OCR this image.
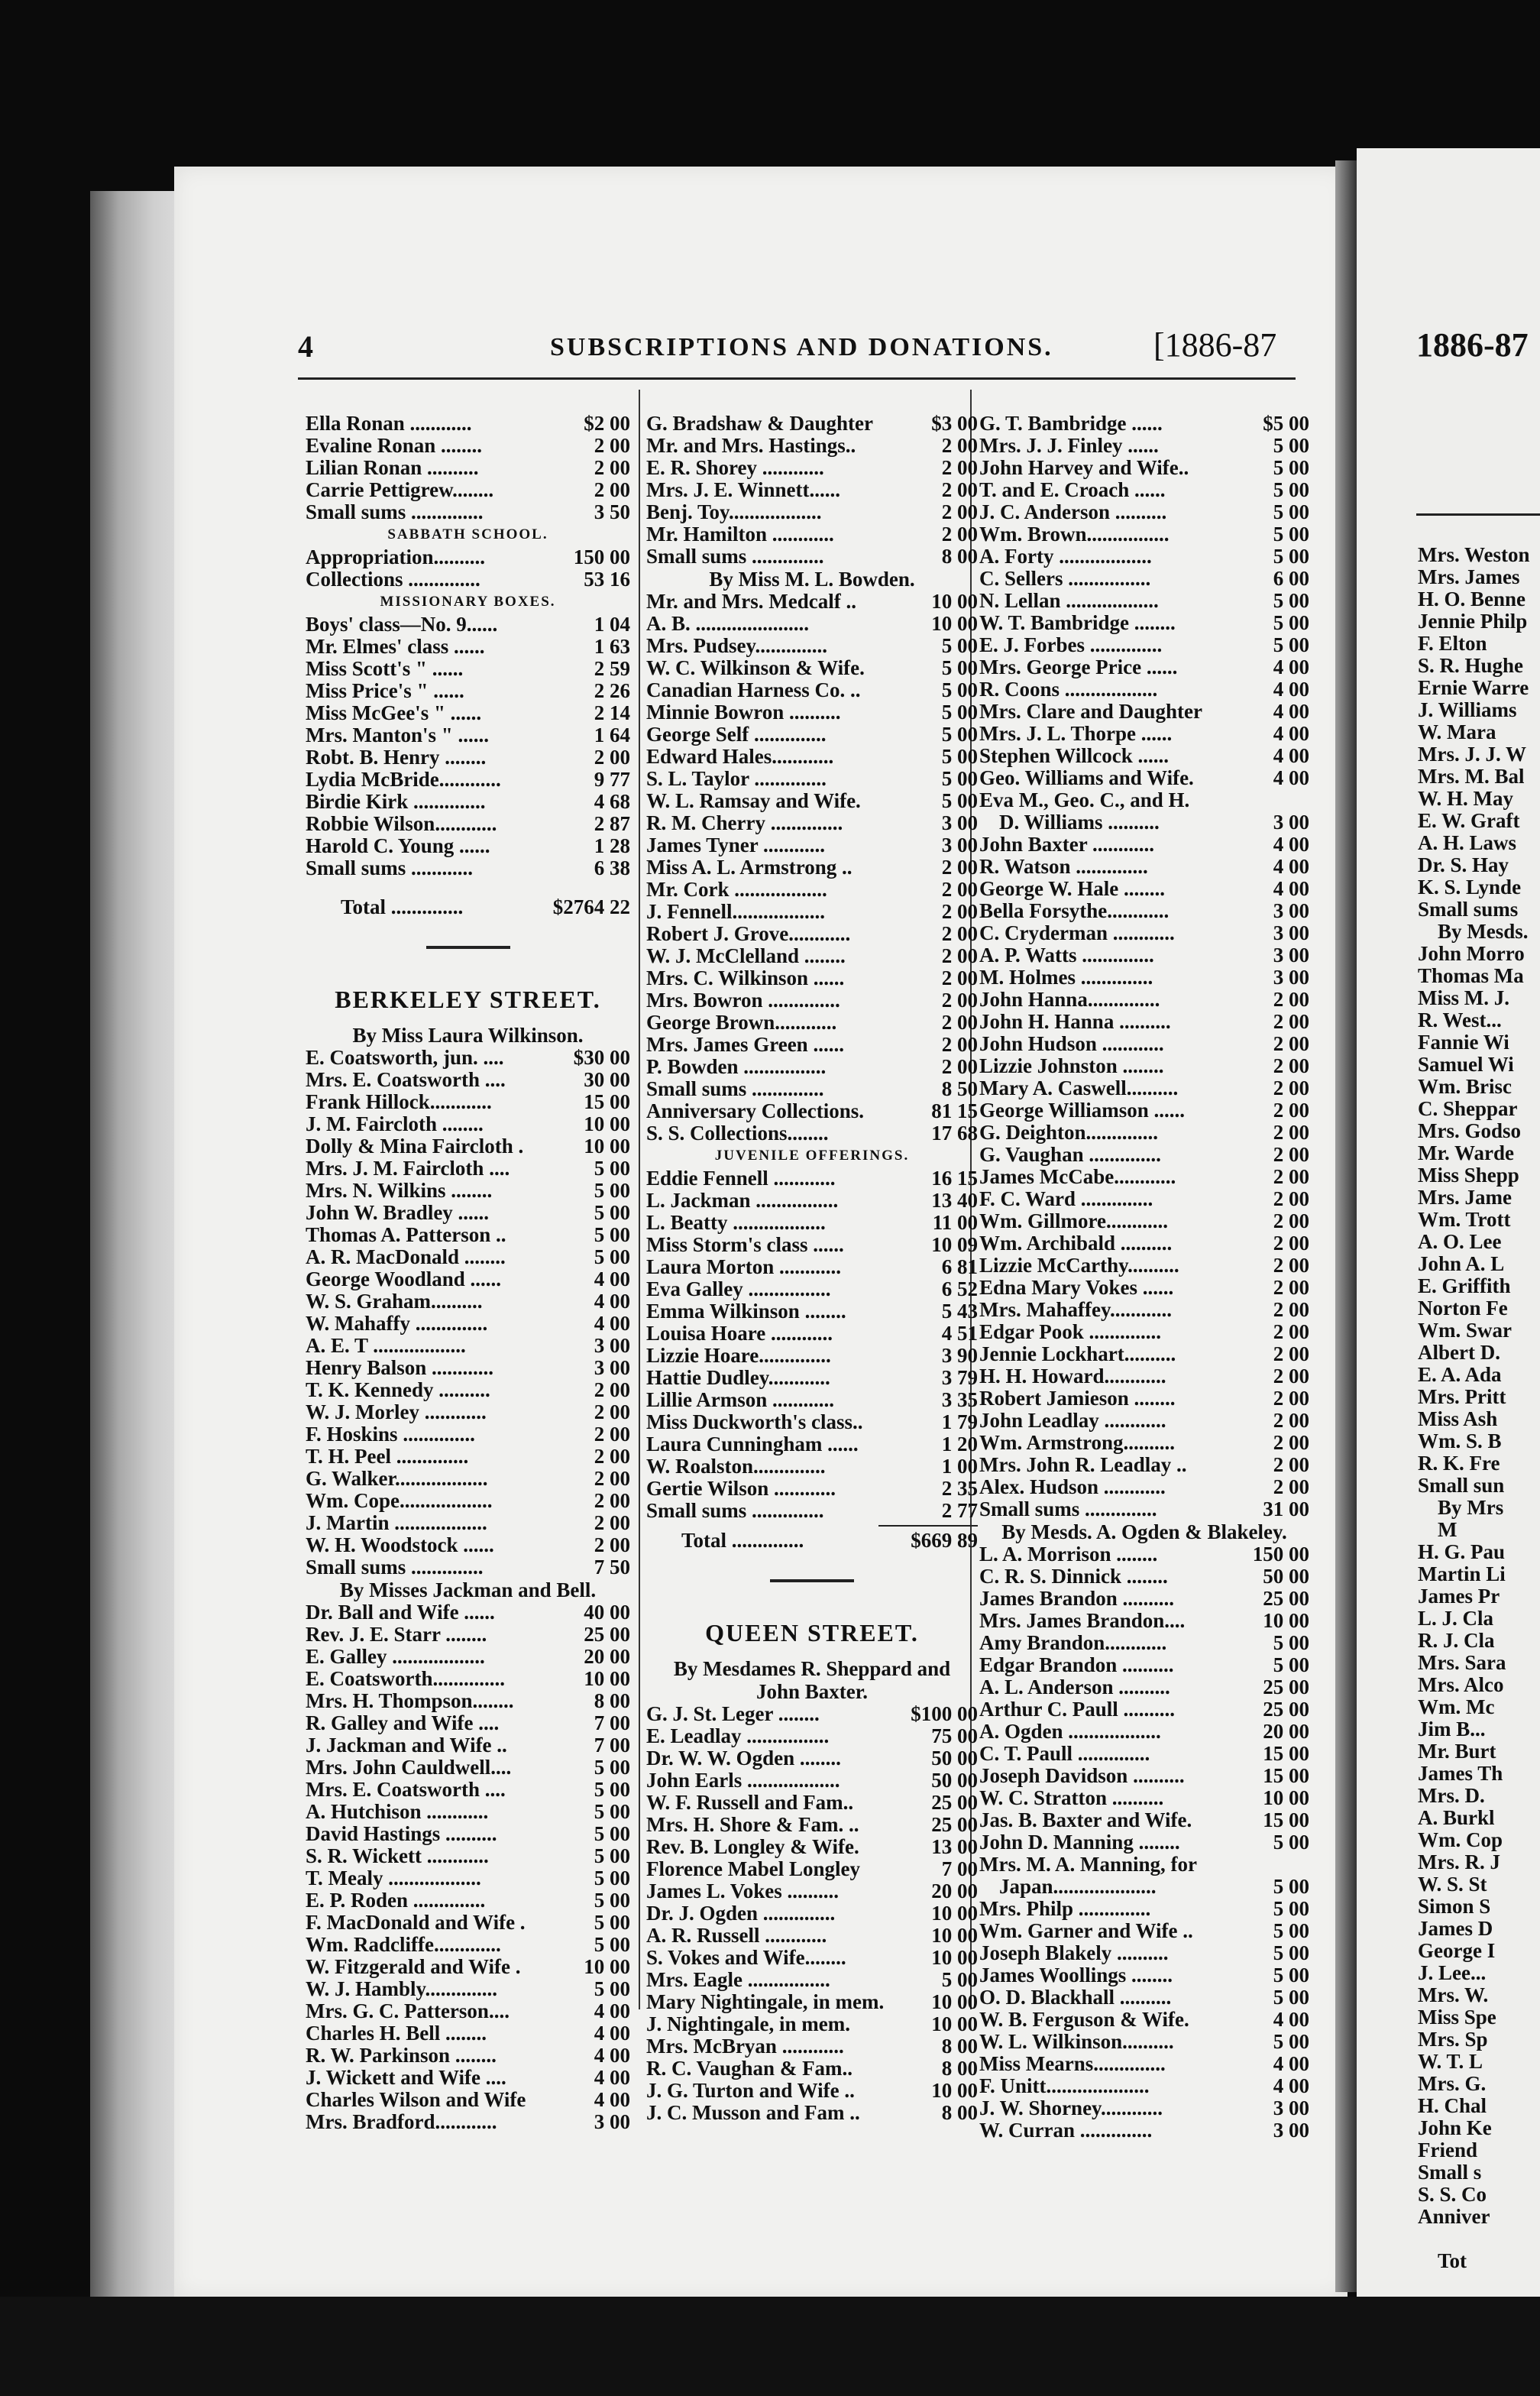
1886-87
Mrs. Weston
Mrs. James
H. O. Benne
Jennie Philp
F. Elton
S. R. Hughe
Ernie Warre
J. Williams
W. Mara
Mrs. J. J. W
Mrs. M. Bal
W. H. May
E. W. Graft
A. H. Laws
Dr. S. Hay
K. S. Lynde
Small sums
By Mesds.
John Morro
Thomas Ma
Miss M. J.
R. West...
Fannie Wi
Samuel Wi
Wm. Brisc
C. Sheppar
Mrs. Godso
Mr. Warde
Miss Shepp
Mrs. Jame
Wm. Trott
A. O. Lee
John A. L
E. Griffith
Norton Fe
Wm. Swar
Albert D.
E. A. Ada
Mrs. Pritt
Miss Ash
Wm. S. B
R. K. Fre
Small sun
By Mrs
M
H. G. Pau
Martin Li
James Pr
L. J. Cla
R. J. Cla
Mrs. Sara
Mrs. Alco
Wm. Mc
Jim B...
Mr. Burt
James Th
Mrs. D.
A. Burkl
Wm. Cop
Mrs. R. J
W. S. St
Simon S
James D
George I
J. Lee...
Mrs. W.
Miss Spe
Mrs. Sp
W. T. L
Mrs. G.
H. Chal
John Ke
Friend
Small s
S. S. Co
Anniver
Tot
4	SUBSCRIPTIONS AND DONATIONS.	[1886-87
Ella Ronan ............	$2 00
Evaline Ronan ........	2 00
Lilian Ronan ..........	2 00
Carrie Pettigrew........	2 00
Small sums ..............	3 50
SABBATH SCHOOL.
Appropriation..........	150 00
Collections ..............	53 16
MISSIONARY BOXES.
Boys' class—No. 9......	1 04
Mr. Elmes' class ......	1 63
Miss Scott's " ......	2 59
Miss Price's " ......	2 26
Miss McGee's " ......	2 14
Mrs. Manton's " ......	1 64
Robt. B. Henry ........	2 00
Lydia McBride............	9 77
Birdie Kirk ..............	4 68
Robbie Wilson............	2 87
Harold C. Young ......	1 28
Small sums ............	6 38
Total ..............	$2764 22
BERKELEY STREET.
By Miss Laura Wilkinson.
E. Coatsworth, jun. ....	$30 00
Mrs. E. Coatsworth ....	30 00
Frank Hillock............	15 00
J. M. Faircloth ........	10 00
Dolly & Mina Faircloth .	10 00
Mrs. J. M. Faircloth ....	5 00
Mrs. N. Wilkins ........	5 00
John W. Bradley ......	5 00
Thomas A. Patterson ..	5 00
A. R. MacDonald ........	5 00
George Woodland ......	4 00
W. S. Graham..........	4 00
W. Mahaffy ..............	4 00
A. E. T ..................	3 00
Henry Balson ............	3 00
T. K. Kennedy ..........	2 00
W. J. Morley ............	2 00
F. Hoskins ..............	2 00
T. H. Peel ..............	2 00
G. Walker..................	2 00
Wm. Cope..................	2 00
J. Martin ..................	2 00
W. H. Woodstock ......	2 00
Small sums ..............	7 50
By Misses Jackman and Bell.
Dr. Ball and Wife ......	40 00
Rev. J. E. Starr ........	25 00
E. Galley ..................	20 00
E. Coatsworth..............	10 00
Mrs. H. Thompson........	8 00
R. Galley and Wife ....	7 00
J. Jackman and Wife ..	7 00
Mrs. John Cauldwell....	5 00
Mrs. E. Coatsworth ....	5 00
A. Hutchison ............	5 00
David Hastings ..........	5 00
S. R. Wickett ............	5 00
T. Mealy ..................	5 00
E. P. Roden ..............	5 00
F. MacDonald and Wife .	5 00
Wm. Radcliffe.............	5 00
W. Fitzgerald and Wife .	10 00
W. J. Hambly..............	5 00
Mrs. G. C. Patterson....	4 00
Charles H. Bell ........	4 00
R. W. Parkinson ........	4 00
J. Wickett and Wife ....	4 00
Charles Wilson and Wife	4 00
Mrs. Bradford............	3 00
G. Bradshaw & Daughter	$3 00
Mr. and Mrs. Hastings..	2 00
E. R. Shorey ............	2 00
Mrs. J. E. Winnett......	2 00
Benj. Toy..................	2 00
Mr. Hamilton ............	2 00
Small sums ..............	8 00
By Miss M. L. Bowden.
Mr. and Mrs. Medcalf ..	10 00
A. B. ......................	10 00
Mrs. Pudsey..............	5 00
W. C. Wilkinson & Wife.	5 00
Canadian Harness Co. ..	5 00
Minnie Bowron ..........	5 00
George Self ..............	5 00
Edward Hales............	5 00
S. L. Taylor ..............	5 00
W. L. Ramsay and Wife.	5 00
R. M. Cherry ..............	3 00
James Tyner ............	3 00
Miss A. L. Armstrong ..	2 00
Mr. Cork ..................	2 00
J. Fennell..................	2 00
Robert J. Grove............	2 00
W. J. McClelland ........	2 00
Mrs. C. Wilkinson ......	2 00
Mrs. Bowron ..............	2 00
George Brown............	2 00
Mrs. James Green ......	2 00
P. Bowden ................	2 00
Small sums ..............	8 50
Anniversary Collections.	81 15
S. S. Collections........	17 68
JUVENILE OFFERINGS.
Eddie Fennell ............	16 15
L. Jackman ................	13 40
L. Beatty ..................	11 00
Miss Storm's class ......	10 09
Laura Morton ............	6 81
Eva Galley ................	6 52
Emma Wilkinson ........	5 43
Louisa Hoare ............	4 51
Lizzie Hoare..............	3 90
Hattie Dudley............	3 79
Lillie Armson ............	3 35
Miss Duckworth's class..	1 79
Laura Cunningham ......	1 20
W. Roalston..............	1 00
Gertie Wilson ............	2 35
Small sums ..............	2 77
Total ..............	$669 89
QUEEN STREET.
By Mesdames R. Sheppard and
John Baxter.
G. J. St. Leger ........	$100 00
E. Leadlay ................	75 00
Dr. W. W. Ogden ........	50 00
John Earls ..................	50 00
W. F. Russell and Fam..	25 00
Mrs. H. Shore & Fam. ..	25 00
Rev. B. Longley & Wife.	13 00
Florence Mabel Longley	7 00
James L. Vokes ..........	20 00
Dr. J. Ogden ..............	10 00
A. R. Russell ............	10 00
S. Vokes and Wife........	10 00
Mrs. Eagle ................	5 00
Mary Nightingale, in mem. 10 00
J. Nightingale, in mem.	10 00
Mrs. McBryan ............	8 00
R. C. Vaughan & Fam..	8 00
J. G. Turton and Wife ..	10 00
J. C. Musson and Fam ..	8 00
G. T. Bambridge ......	$5 00
Mrs. J. J. Finley ......	5 00
John Harvey and Wife..	5 00
T. and E. Croach ......	5 00
J. C. Anderson ..........	5 00
Wm. Brown................	5 00
A. Forty ..................	5 00
C. Sellers ................	6 00
N. Lellan ..................	5 00
W. T. Bambridge ........	5 00
E. J. Forbes ..............	5 00
Mrs. George Price ......	4 00
R. Coons ..................	4 00
Mrs. Clare and Daughter	4 00
Mrs. J. L. Thorpe ......	4 00
Stephen Willcock ......	4 00
Geo. Williams and Wife.	4 00
Eva M., Geo. C., and H.
D. Williams ..........	3 00
John Baxter ............	4 00
R. Watson ..............	4 00
George W. Hale ........	4 00
Bella Forsythe............	3 00
C. Cryderman ............	3 00
A. P. Watts ..............	3 00
M. Holmes ..............	3 00
John Hanna..............	2 00
John H. Hanna ..........	2 00
John Hudson ............	2 00
Lizzie Johnston ........	2 00
Mary A. Caswell..........	2 00
George Williamson ......	2 00
G. Deighton..............	2 00
G. Vaughan ..............	2 00
James McCabe............	2 00
F. C. Ward ..............	2 00
Wm. Gillmore............	2 00
Wm. Archibald ..........	2 00
Lizzie McCarthy..........	2 00
Edna Mary Vokes ......	2 00
Mrs. Mahaffey............	2 00
Edgar Pook ..............	2 00
Jennie Lockhart..........	2 00
H. H. Howard............	2 00
Robert Jamieson ........	2 00
John Leadlay ............	2 00
Wm. Armstrong..........	2 00
Mrs. John R. Leadlay ..	2 00
Alex. Hudson ............	2 00
Small sums ..............	31 00
By Mesds. A. Ogden & Blakeley.
L. A. Morrison ........	150 00
C. R. S. Dinnick ........	50 00
James Brandon ..........	25 00
Mrs. James Brandon....	10 00
Amy Brandon............	5 00
Edgar Brandon ..........	5 00
A. L. Anderson ..........	25 00
Arthur C. Paull ..........	25 00
A. Ogden ..................	20 00
C. T. Paull ..............	15 00
Joseph Davidson ..........	15 00
W. C. Stratton ..........	10 00
Jas. B. Baxter and Wife.	15 00
John D. Manning ........	5 00
Mrs. M. A. Manning, for
Japan....................	5 00
Mrs. Philp ..............	5 00
Wm. Garner and Wife ..	5 00
Joseph Blakely ..........	5 00
James Woollings ........	5 00
O. D. Blackhall ..........	5 00
W. B. Ferguson & Wife.	4 00
W. L. Wilkinson..........	5 00
Miss Mearns..............	4 00
F. Unitt....................	4 00
J. W. Shorney............	3 00
W. Curran ..............	3 00
